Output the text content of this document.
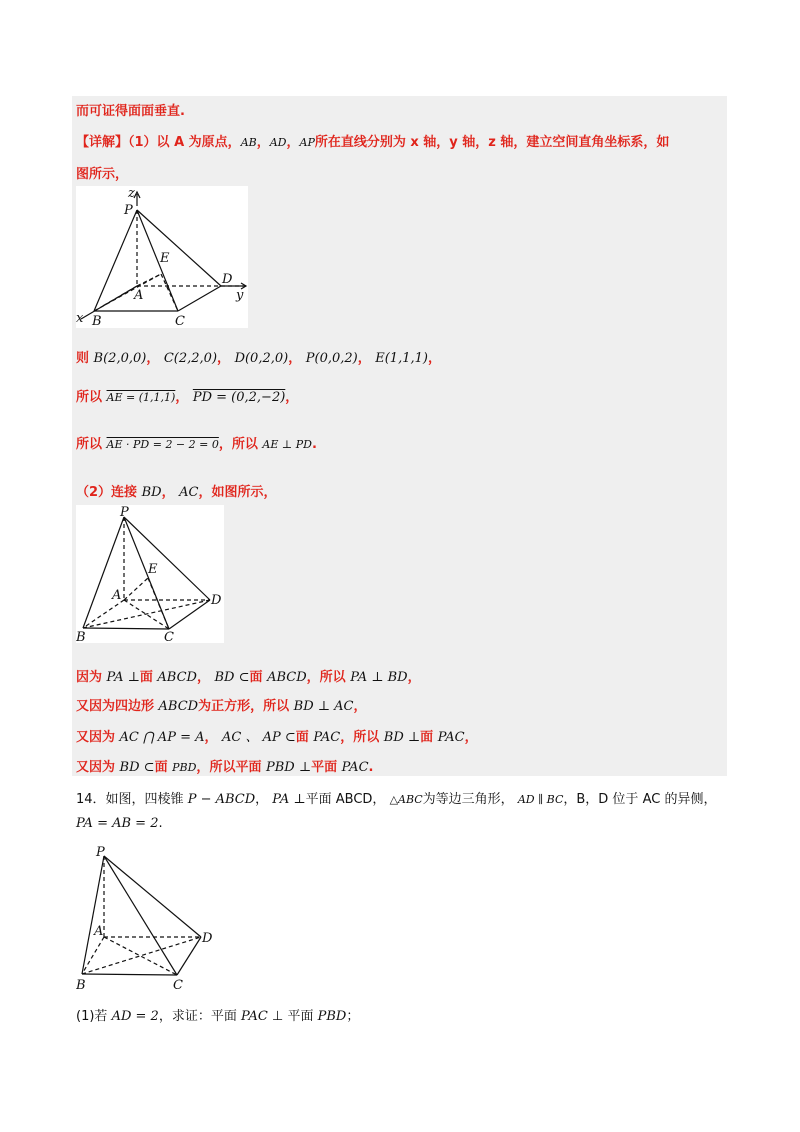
而可证得面面垂直.
【详解】（1）以 A 为原点，AB，AD，AP所在直线分别为 x 轴，y 轴，z 轴，建立空间直角坐标系，如
图所示，
z
P
E
D
y
A
x B	C
则 B(2,0,0)， C(2,2,0)， D(0,2,0)， P(0,0,2)， E(1,1,1)，
所以 AE = (1,1,1)， PD = (0,2,−2)，
所以 AE · PD = 2 − 2 = 0，所以 AE ⊥ PD.
（2）连接 BD， AC，如图所示，
P
E
A	D
B	C
因为 PA ⊥面 ABCD， BD ⊂面 ABCD，所以 PA ⊥ BD，
又因为四边形 ABCD为正方形，所以 BD ⊥ AC，
又因为 AC ⋂ AP = A， AC 、 AP ⊂面 PAC，所以 BD ⊥面 PAC，
又因为 BD ⊂面 PBD，所以平面 PBD ⊥平面 PAC.
14．如图，四棱锥 P − ABCD， PA ⊥平面 ABCD， △ABC为等边三角形， AD ∥ BC，B，D 位于 AC 的异侧，
PA = AB = 2.
P
A	D
B	C
(1)若 AD = 2，求证：平面 PAC ⊥ 平面 PBD；
